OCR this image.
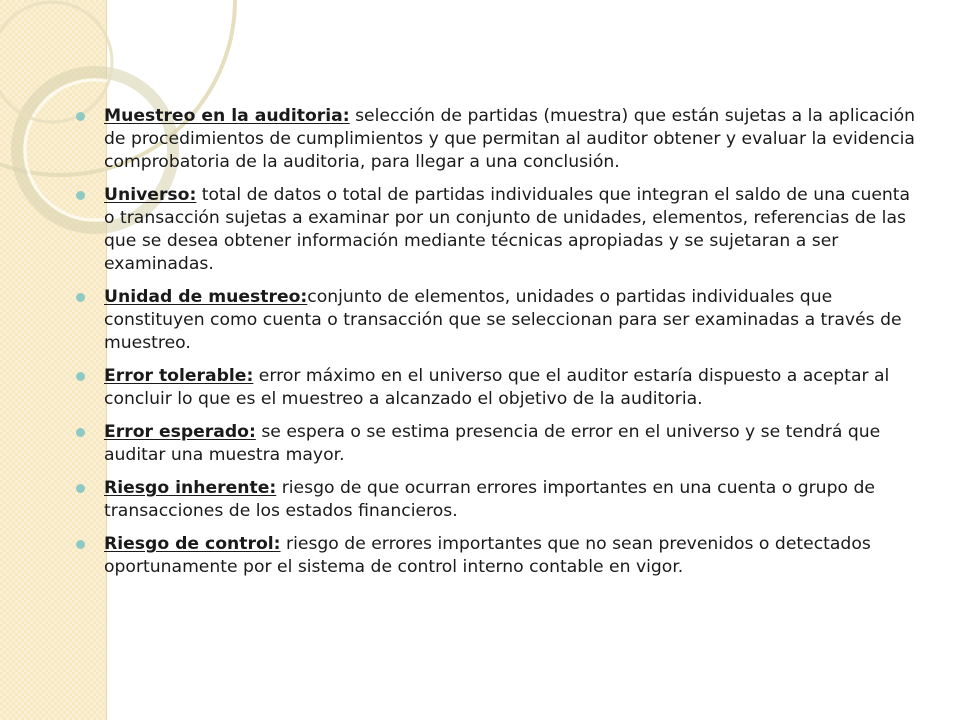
Muestreo en la auditoria: selección de partidas (muestra) que están sujetas a la aplicación de procedimientos de cumplimientos y que permitan al auditor obtener y evaluar la evidencia comprobatoria de la auditoria, para llegar a una conclusión.
Universo: total de datos o total de partidas individuales que integran el saldo de una cuenta o transacción sujetas a examinar por un conjunto de unidades, elementos, referencias de las que se desea obtener información mediante técnicas apropiadas y se sujetaran a ser examinadas.
Unidad de muestreo:conjunto de elementos, unidades o partidas individuales que constituyen como cuenta o transacción que se seleccionan para ser examinadas a través de muestreo.
Error tolerable: error máximo en el universo que el auditor estaría dispuesto a aceptar al concluir lo que es el muestreo a alcanzado el objetivo de la auditoria.
Error esperado: se espera o se estima presencia de error en el universo y se tendrá que auditar una muestra mayor.
Riesgo inherente: riesgo de que ocurran errores importantes en una cuenta o grupo de transacciones de los estados financieros.
Riesgo de control: riesgo de errores importantes que no sean prevenidos o detectados oportunamente por el sistema de control interno contable en vigor.
